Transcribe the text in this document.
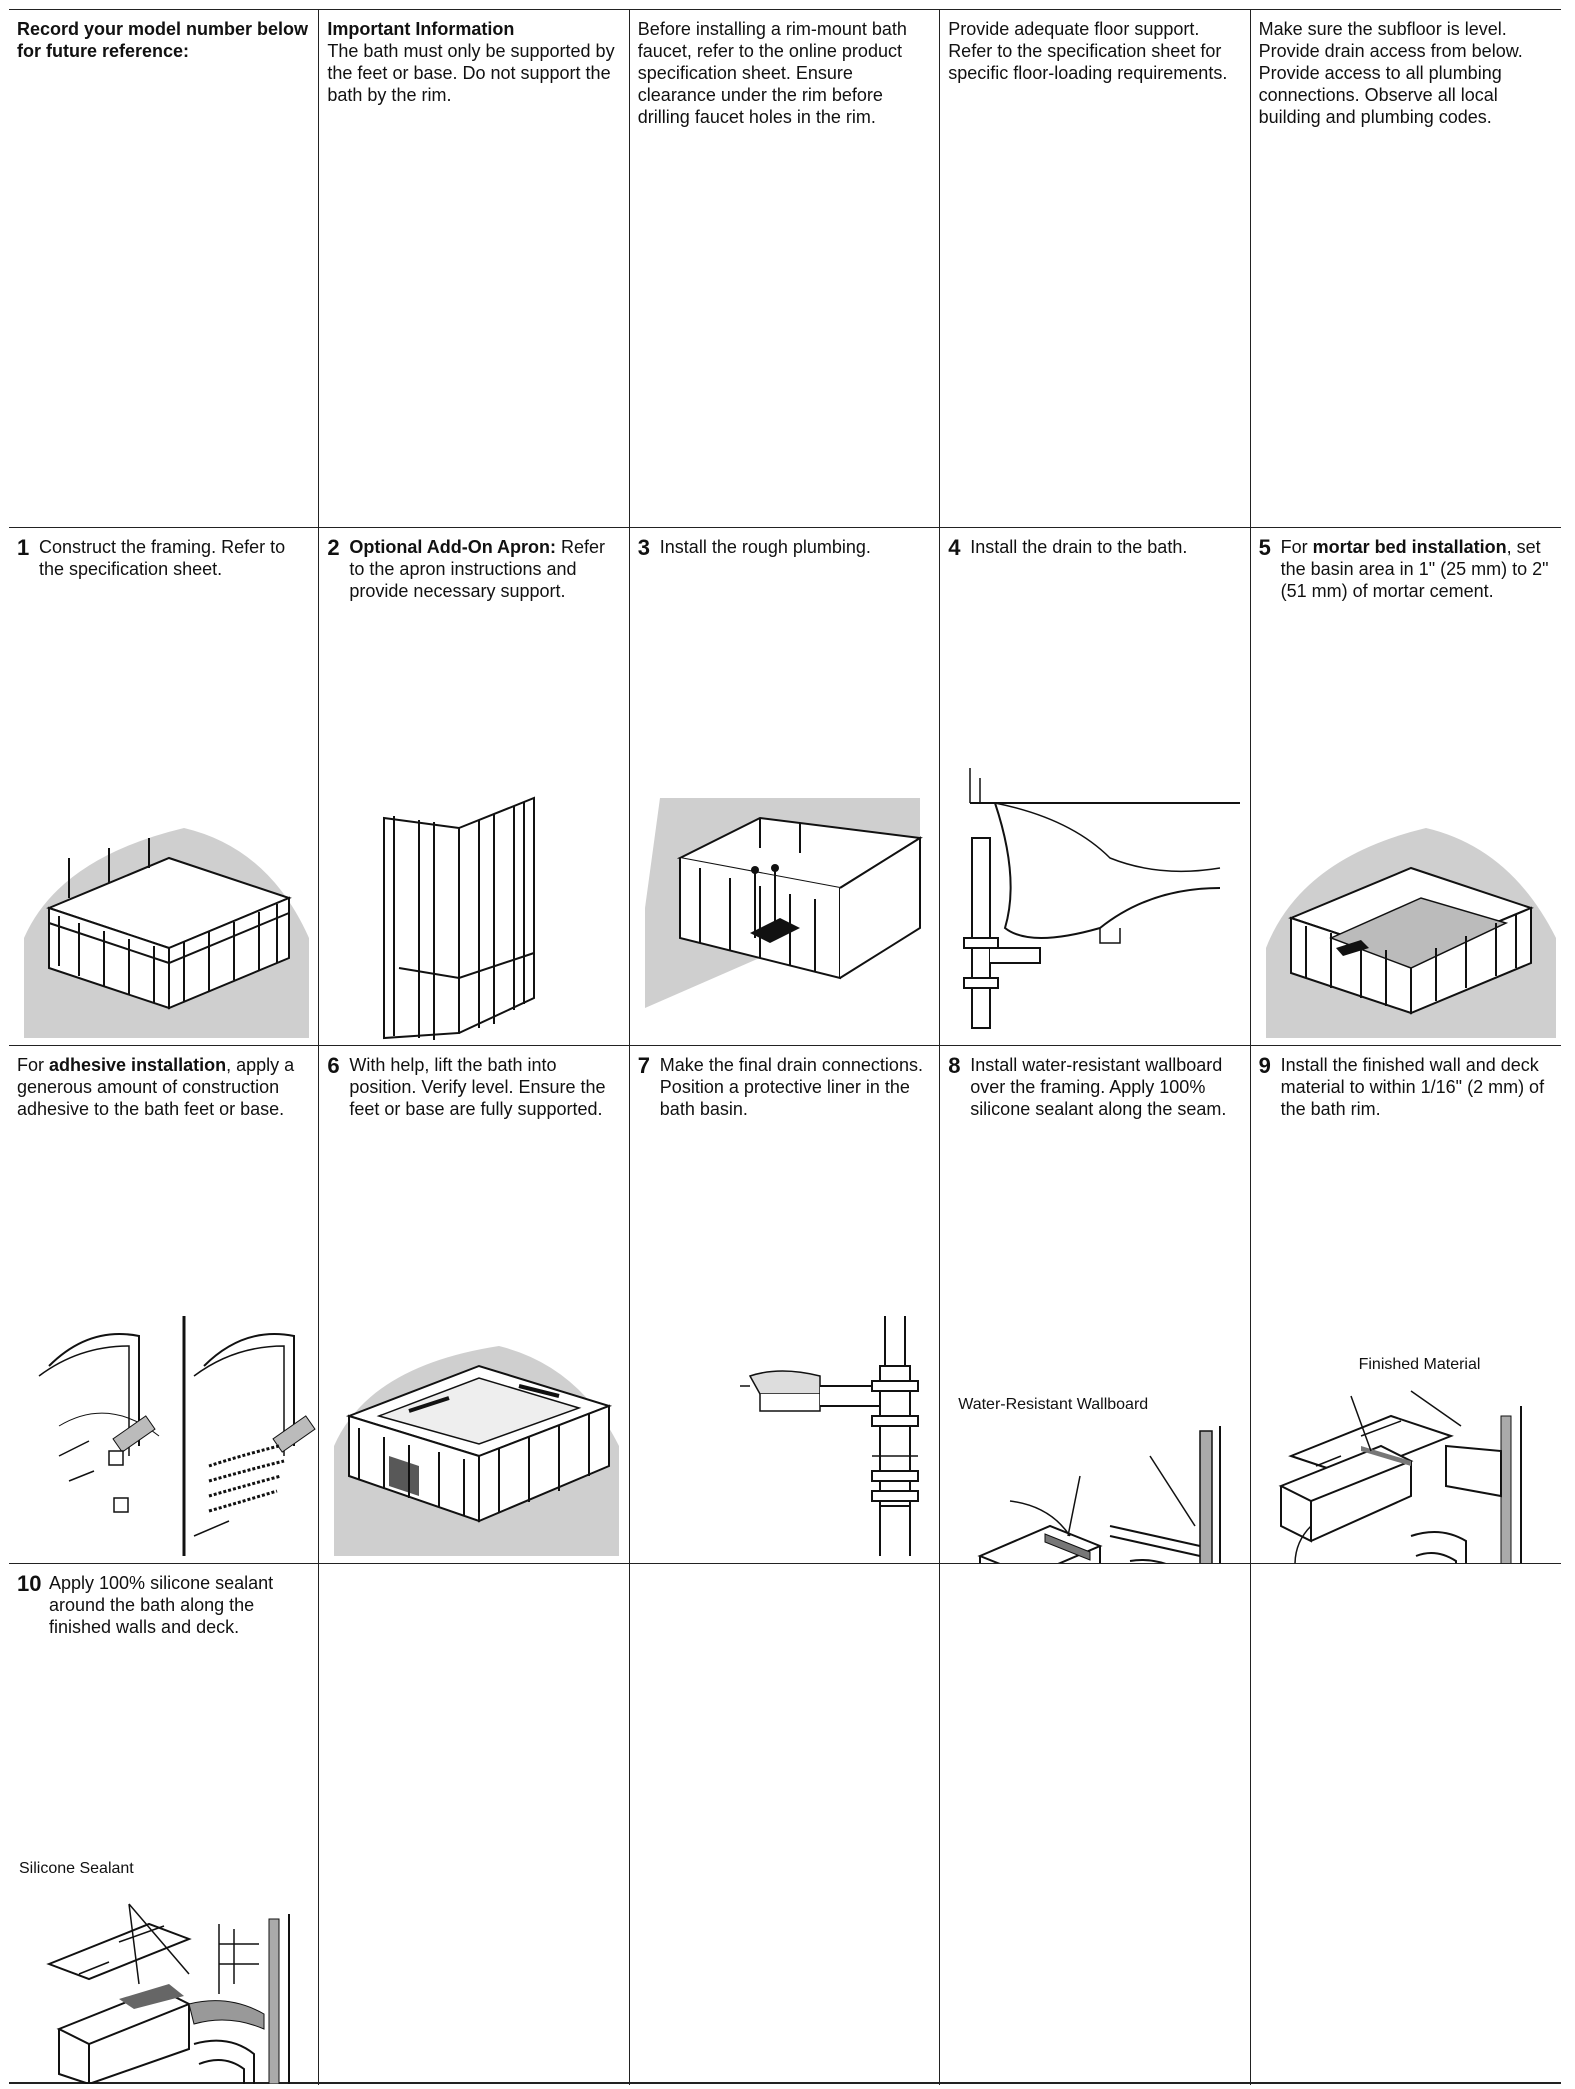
Record your model number below for future reference:
Important Information
The bath must only be supported by the feet or base. Do not support the bath by the rim.
Before installing a rim-mount bath faucet, refer to the online product specification sheet. Ensure clearance under the rim before drilling faucet holes in the rim.
Provide adequate floor support. Refer to the specification sheet for specific floor-loading requirements.
Make sure the subfloor is level. Provide drain access from below. Provide access to all plumbing connections. Observe all local building and plumbing codes.
1 Construct the framing. Refer to the specification sheet.
2 Optional Add-On Apron: Refer to the apron instructions and provide necessary support.
3 Install the rough plumbing.	4 Install the drain to the bath.	5 For mortar bed installation, set the basin area in 1" (25 mm) to 2" (51 mm) of mortar cement.
For adhesive installation, apply a generous amount of construction adhesive to the bath feet or base.
6 With help, lift the bath into position. Verify level. Ensure the feet or base are fully supported.
7 Make the final drain connections. Position a protective liner in the bath basin.
8 Install water-resistant wallboard over the framing. Apply 100% silicone sealant along the seam.
Water-Resistant Wallboard
9 Install the finished wall and deck material to within 1/16" (2 mm) of the bath rim.
Finished Material
10 Apply 100% silicone sealant around the bath along the finished walls and deck.
Silicone Sealant
